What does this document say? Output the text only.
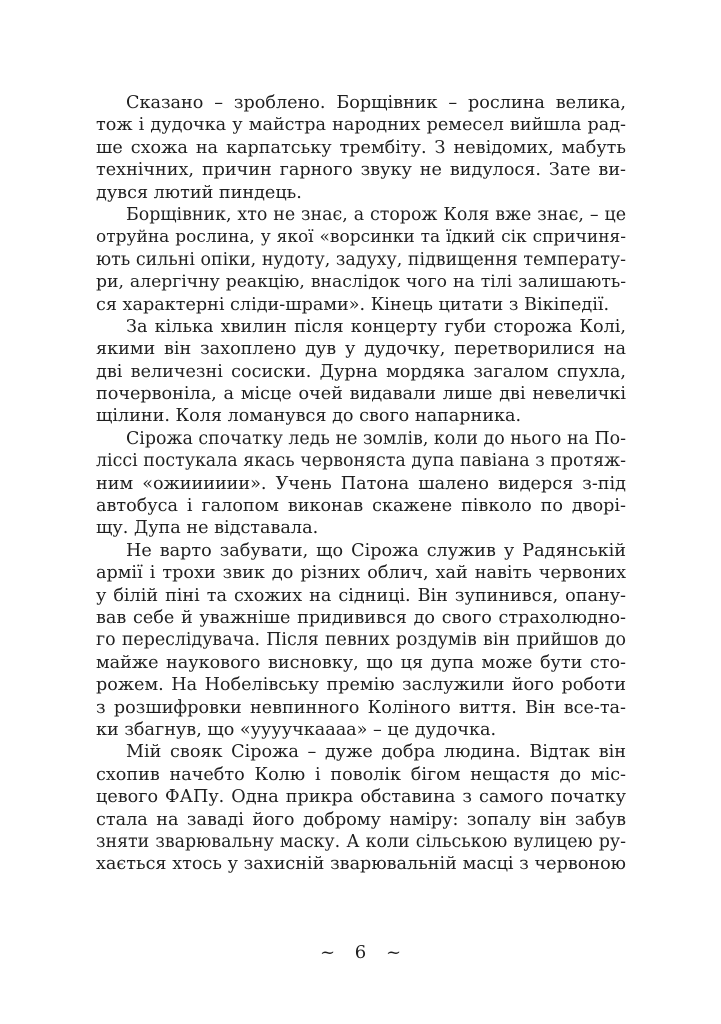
Сказано – зроблено. Борщівник – рослина велика,
тож і дудочка у майстра народних ремесел вийшла рад-
ше схожа на карпатську трембіту. З невідомих, мабуть
технічних, причин гарного звуку не видулося. Зате ви-
дувся лютий пиндець.

Борщівник, хто не знає, а сторож Коля вже знає, – це
отруйна рослина, у якої «ворсинки та їдкий сік спричиня-
ють сильні опіки, нудоту, задуху, підвищення температу-
ри, алергічну реакцію, внаслідок чого на тілі залишають-
ся характерні сліди-шрами». Кінець цитати з Вікіпедії.

За кілька хвилин після концерту губи сторожа Колі,
якими він захоплено дув у дудочку, перетворилися на
дві величезні сосиски. Дурна мордяка загалом спухла,
почервоніла, а місце очей видавали лише дві невеличкі
щілини. Коля ломанувся до свого напарника.

Сірожа спочатку ледь не зомлів, коли до нього на По-
ліссі постукала якась червоняста дупа павіана з протяж-
ним «ожииииии». Учень Патона шалено видерся з-під
автобуса і галопом виконав скажене півколо по дворі-
щу. Дупа не відставала.

Не варто забувати, що Сірожа служив у Радянській
армії і трохи звик до різних облич, хай навіть червоних
у білій піні та схожих на сідниці. Він зупинився, опану-
вав себе й уважніше придивився до свого страхолюдно-
го переслідувача. Після певних роздумів він прийшов до
майже наукового висновку, що ця дупа може бути сто-
рожем. На Нобелівську премію заслужили його роботи
з розшифровки невпинного Коліного виття. Він все-та-
ки збагнув, що «уууучкаааа» – це дудочка.

Мій свояк Сірожа – дуже добра людина. Відтак він
схопив начебто Колю і поволік бігом нещастя до міс-
цевого ФАПу. Одна прикра обставина з самого початку
стала на заваді його доброму наміру: зопалу він забув
зняти зварювальну маску. А коли сільською вулицею ру-
хається хтось у захисній зварювальній масці з червоною

~ 6 ~
